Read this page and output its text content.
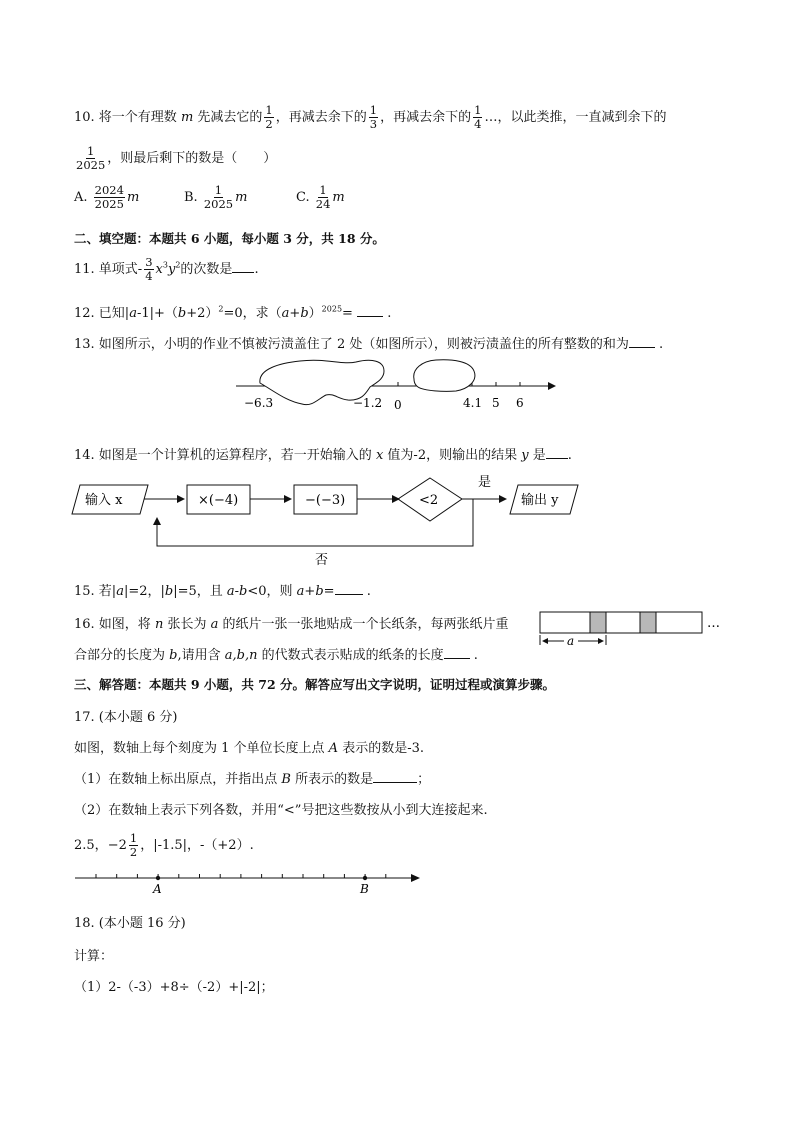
10. 将一个有理数 m 先减去它的 $\frac{1}{2}$ ，再减去余下的 $\frac{1}{3}$ ，再减去余下的 $\frac{1}{4}$ …，以此类推，一直减到余下的
$\frac{1}{2025}$ ，则最后剩下的数是（　　）
A. $\frac{2024}{2025}$ m	B. $\frac{1}{2025}$ m	C. $\frac{1}{24}$ m
二、填空题：本题共 6 小题，每小题 3 分，共 18 分。
11. 单项式- $\frac{3}{4} x^3y^2$的次数是 .
12. 已知$|a-1|+(b+2)^2=0$，求$(a+b)^{2025}=$  .
13. 如图所示，小明的作业不慎被污渍盖住了 2 处（如图所示），则被污渍盖住的所有整数的和为 .
−6.3	−1.2 0	4.1 5 6
14. 如图是一个计算机的运算程序，若一开始输入的 x 值为-2，则输出的结果 y 是 .
输入 x	×(−4)	−(−3)	<2
是
输出 y
否
15. 若|a|=2，|b|=5，且 a-b<0，则 a+b= .
16. 如图，将 n 张长为 a 的纸片一张一张地贴成一个长纸条，每两张纸片重
合部分的长度为 b,请用含 a,b,n 的代数式表示贴成的纸条的长度 .
a
…
三、解答题：本题共 9 小题，共 72 分。解答应写出文字说明，证明过程或演算步骤。
17. (本小题 6 分)
如图，数轴上每个刻度为 1 个单位长度上点 A 表示的数是-3.
（1）在数轴上标出原点，并指出点 B 所表示的数是	；
（2）在数轴上表示下列各数，并用“<”号把这些数按从小到大连接起来.
2.5，$-2 \frac{1}{2}$ ，|-1.5|，-（+2）.
A	B
18. (本小题 16 分)
计算：
（1）2-（-3）+8÷（-2）+|-2|；
